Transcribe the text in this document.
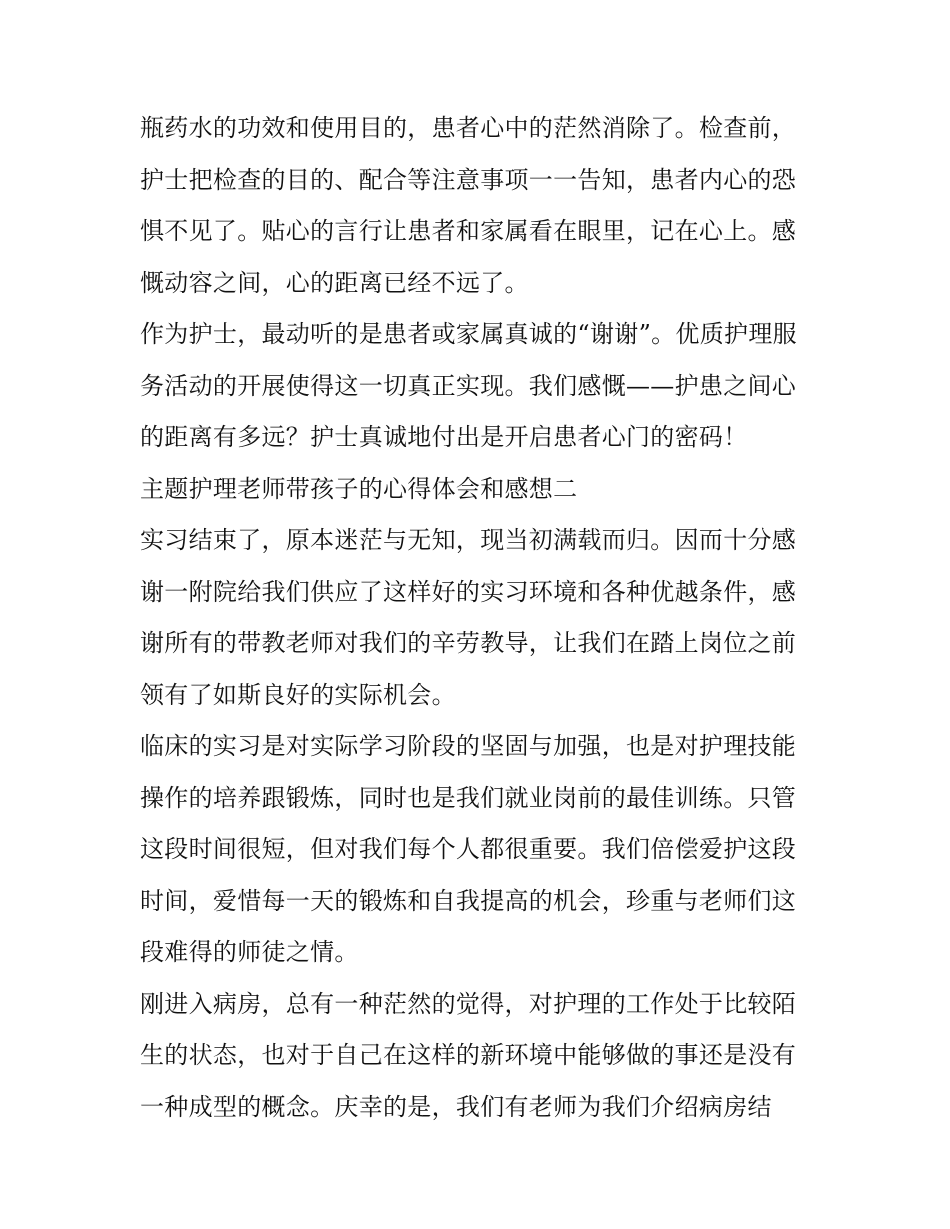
瓶药水的功效和使用目的，患者心中的茫然消除了。检查前，
护士把检查的目的、配合等注意事项一一告知，患者内心的恐
惧不见了。贴心的言行让患者和家属看在眼里，记在心上。感
慨动容之间，心的距离已经不远了。
作为护士，最动听的是患者或家属真诚的“谢谢”。优质护理服
务活动的开展使得这一切真正实现。我们感慨——护患之间心
的距离有多远？护士真诚地付出是开启患者心门的密码！
主题护理老师带孩子的心得体会和感想二
实习结束了，原本迷茫与无知，现当初满载而归。因而十分感
谢一附院给我们供应了这样好的实习环境和各种优越条件，感
谢所有的带教老师对我们的辛劳教导，让我们在踏上岗位之前
领有了如斯良好的实际机会。
临床的实习是对实际学习阶段的坚固与加强，也是对护理技能
操作的培养跟锻炼，同时也是我们就业岗前的最佳训练。只管
这段时间很短，但对我们每个人都很重要。我们倍偿爱护这段
时间，爱惜每一天的锻炼和自我提高的机会，珍重与老师们这
段难得的师徒之情。
刚进入病房，总有一种茫然的觉得，对护理的工作处于比较陌
生的状态，也对于自己在这样的新环境中能够做的事还是没有
一种成型的概念。庆幸的是，我们有老师为我们介绍病房结
